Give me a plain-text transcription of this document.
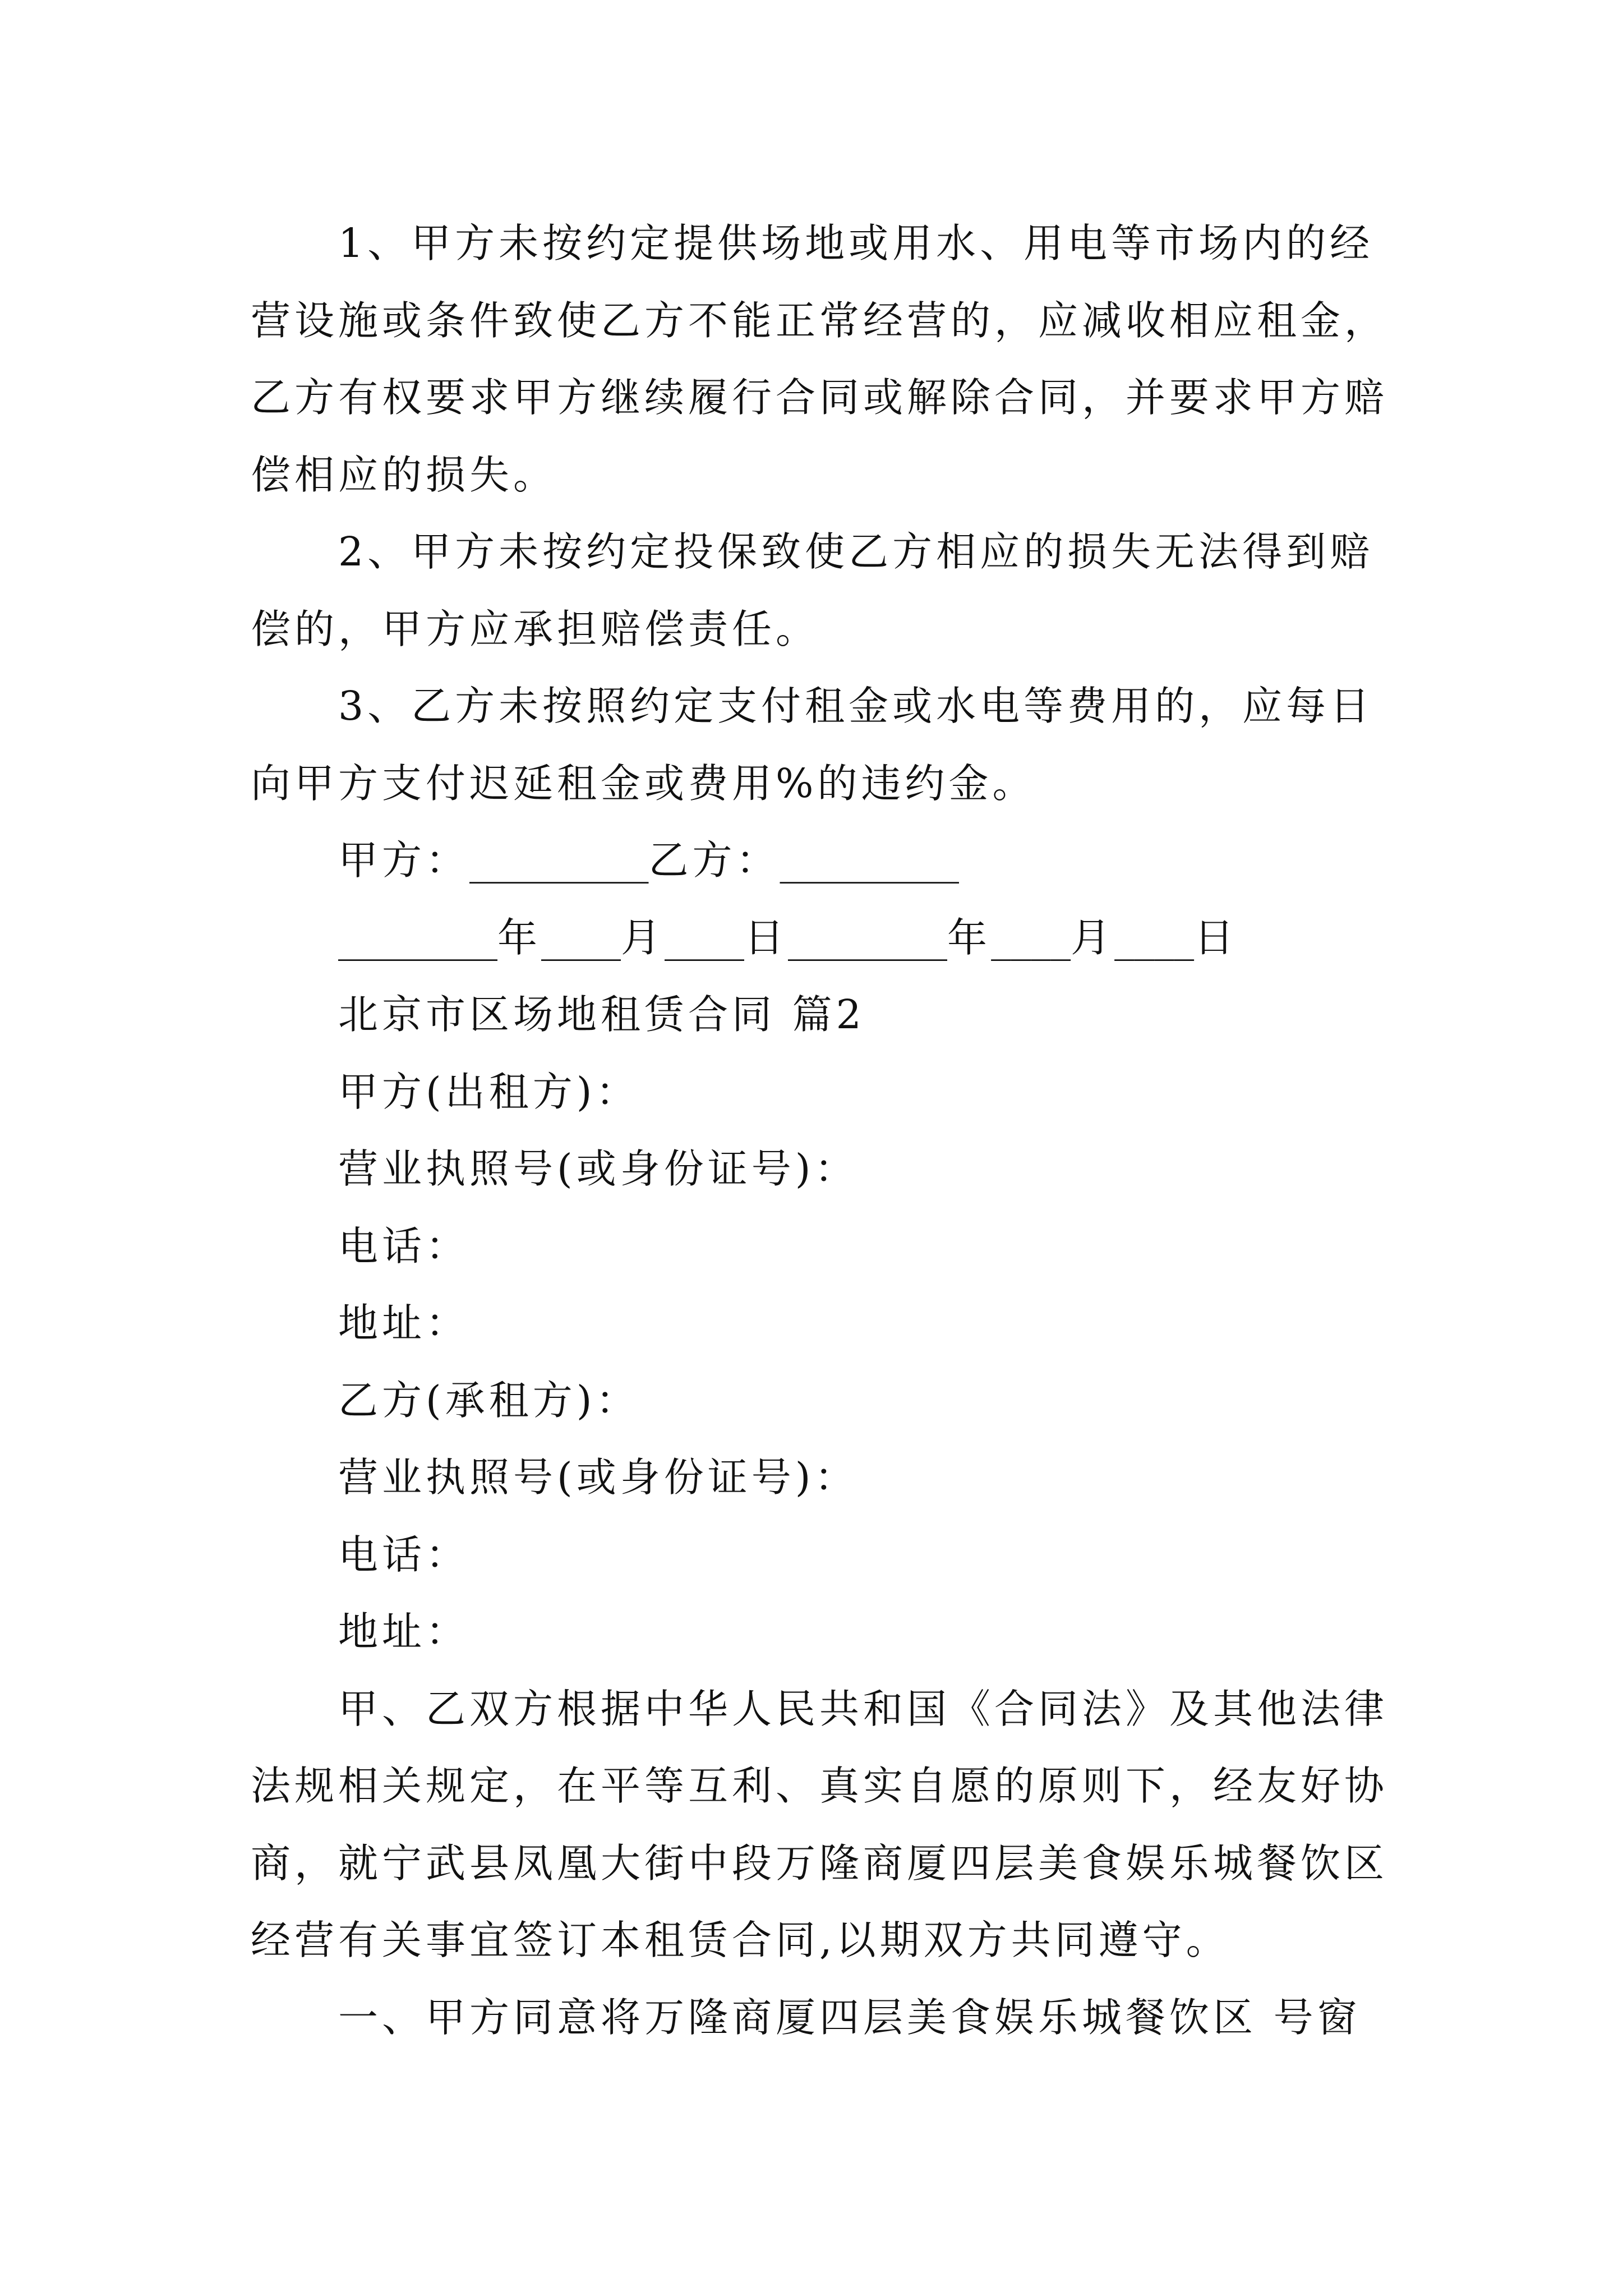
1、甲方未按约定提供场地或用水、用电等市场内的经
营设施或条件致使乙方不能正常经营的，应减收相应租金，
乙方有权要求甲方继续履行合同或解除合同，并要求甲方赔
偿相应的损失。
2、甲方未按约定投保致使乙方相应的损失无法得到赔
偿的，甲方应承担赔偿责任。
3、乙方未按照约定支付租金或水电等费用的，应每日
向甲方支付迟延租金或费用%的违约金。
甲方：_________乙方：_________
________年____月____日________年____月____日
北京市区场地租赁合同 篇2
甲方(出租方)：
营业执照号(或身份证号)：
电话：
地址：
乙方(承租方)：
营业执照号(或身份证号)：
电话：
地址：
甲、乙双方根据中华人民共和国《合同法》及其他法律
法规相关规定，在平等互利、真实自愿的原则下，经友好协
商，就宁武县凤凰大街中段万隆商厦四层美食娱乐城餐饮区
经营有关事宜签订本租赁合同,以期双方共同遵守。
一、甲方同意将万隆商厦四层美食娱乐城餐饮区 号窗
